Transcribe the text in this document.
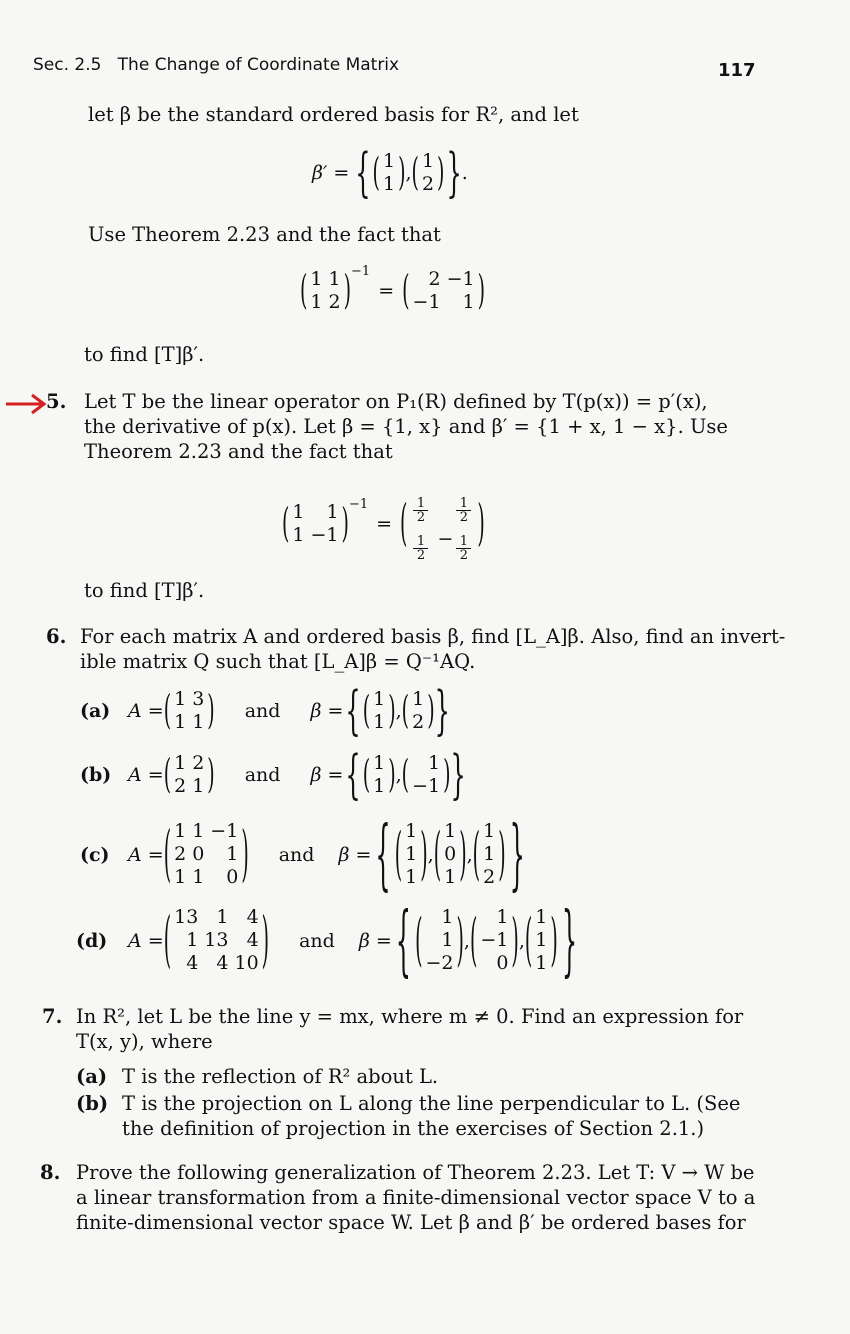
Sec. 2.5 The Change of Coordinate Matrix	117
let β be the standard ordered basis for R², and let
β′ = { ( 1
1 ) , ( 1
2 ) } .
Use Theorem 2.23 and the fact that
( 1 1
1 2 ) −1
= ( 2 −1
−1	1 )
to find [T]β′.
5. Let T be the linear operator on P₁(R) defined by T(p(x)) = p′(x),
the derivative of p(x). Let β = {1, x} and β′ = {1 + x, 1 − x}. Use
Theorem 2.23 and the fact that
( 1	1
1 −1 ) −1
= ( $\frac{1}{2} \frac{1}{2}$
$\frac{1}{2} - \frac{1}{2}$ )
to find [T]β′.
6. For each matrix A and ordered basis β, find [L_A]β. Also, find an invert-
ible matrix Q such that [L_A]β = Q⁻¹AQ.
(a) A = ( 1 3
1 1 ) and β = { ( 1
1 ) , ( 1
2 ) }
(b) A = ( 1 2
2 1 ) and β = { ( 1
1 ) , ( 1
−1 ) }
(c) A = ( 1 1 −1
2 0	1
1 1	0 ) and β = { ( 1
1
1 ) , ( 1
0
1 ) , ( 1
1
2 ) }
(d)	A = ( 13 1 4
1 13 4
4 4 10 ) and β = { ( 1
1
−2 ) , ( 1
−1
0 ) , ( 1
1
1 ) }
7. In R², let L be the line y = mx, where m ≠ 0. Find an expression for
T(x, y), where
(a) T is the reflection of R² about L.
(b) T is the projection on L along the line perpendicular to L. (See
the definition of projection in the exercises of Section 2.1.)
8. Prove the following generalization of Theorem 2.23. Let T: V → W be
a linear transformation from a finite-dimensional vector space V to a
finite-dimensional vector space W. Let β and β′ be ordered bases for
